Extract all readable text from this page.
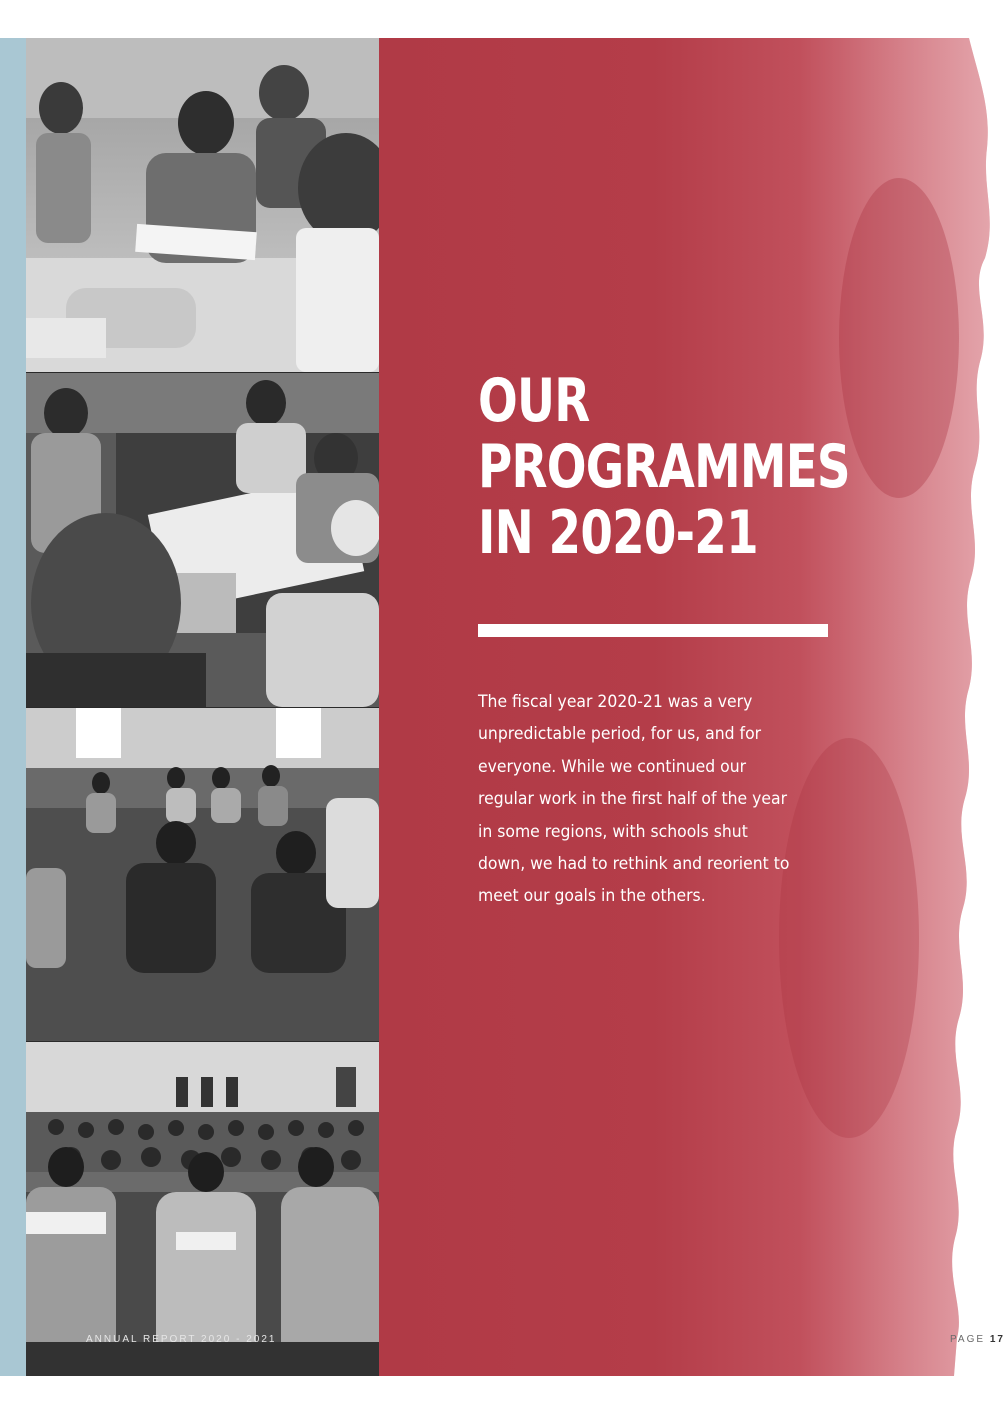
ANNUAL REPORT 2020 - 2021
OUR
PROGRAMMES
IN 2020-21
The fiscal year 2020-21 was a very unpredictable period, for us, and for everyone. While we continued our regular work in the first half of the year in some regions, with schools shut down, we had to rethink and reorient to meet our goals in the others.
PAGE 17
